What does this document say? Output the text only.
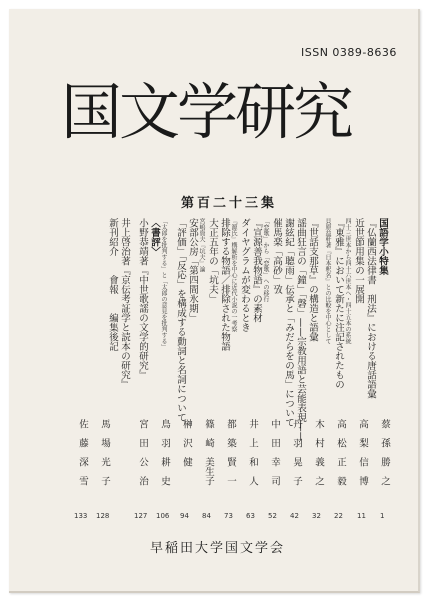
ISSN 0389-8636
国文学研究
第百二十三集
国語学小特集
『仏蘭西法律書　刑法』における唐話語彙
近世節用集の一展開
四十三世本から四十六世本へ・四十五本の系統
『東雅』において新たに注記されたもの
貝原益軒著『日本釈名』との比較を中心として
『世話支那草』の構造と語彙
謡曲狂言の「鐘」「磬」——宗教用語と芸能表現——
謝絃紀「聴雨」伝承と「みだらをの馬」について
催馬楽「高砂」攷
「恋歌」から「恋歌」への移行
『宣源善我物語』の素材
ダイヤグラムが変わるとき
『源氏』構解析を中心に近代小説の一考察
排除する物語／排除された物語
大正五年の「坑夫」
宮嶋資夫『坑夫』論
安部公房「第四間氷期」
「評価」「反応」を構成する動詞と名詞について
「太郎を批判する」と「太郎の意見を批判する」
〈書評〉
小野恭靖著『中世歌謡の文学的研究』
井上啓治著『京伝考証学と読本の研究』
新刊紹介　　會報　　編集後記
蔡　孫　勝　之
1
高　梨　信　博
11
高　松　正　毅
22
木　村　義　之
32
丹　羽　晃　子
42
中　田　幸　司
52
井　上　和　人
63
都　築　賢　一
73
篠　崎　美生子
84
榊　沢　健
94
鳥　羽　耕　史
106
宮　田　公　治
127
馬　場　光　子
128
佐　藤　深　雪
133
早稲田大学国文学会
